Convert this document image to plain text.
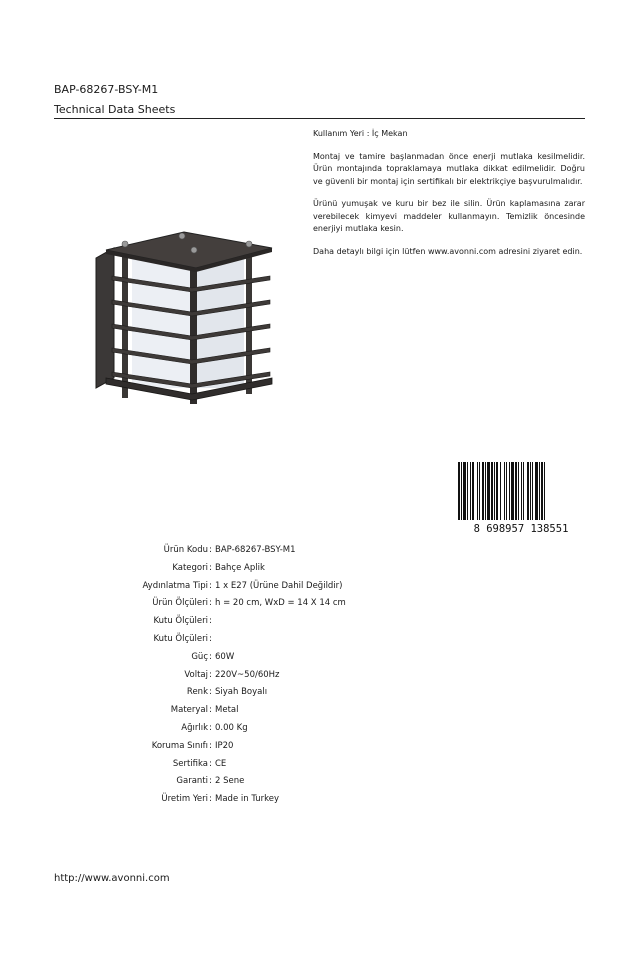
BAP-68267-BSY-M1
Technical Data Sheets

Kullanım Yeri : İç Mekan

Montaj ve tamire başlanmadan önce enerji mutlaka kesilmelidir. Ürün montajında topraklamaya mutlaka dikkat edilmelidir. Doğru ve güvenli bir montaj için sertifikalı bir elektrikçiye başvurulmalıdır.

Ürünü yumuşak ve kuru bir bez ile silin. Ürün kaplamasına zarar verebilecek kimyevi maddeler kullanmayın. Temizlik öncesinde enerjiyi mutlaka kesin.

Daha detaylı bilgi için lütfen www.avonni.com adresini ziyaret edin.

8 698957 138551
Ürün Kodu : BAP-68267-BSY-M1
Kategori : Bahçe Aplik
Aydınlatma Tipi : 1 x E27 (Ürüne Dahil Değildir)
Ürün Ölçüleri : h = 20 cm, WxD = 14 X 14 cm
Kutu Ölçüleri :
Kutu Ölçüleri :
Güç : 60W
Voltaj : 220V~50/60Hz
Renk : Siyah Boyalı
Materyal : Metal
Ağırlık : 0.00 Kg
Koruma Sınıfı : IP20
Sertifika : CE
Garanti : 2 Sene
Üretim Yeri : Made in Turkey
http://www.avonni.com
